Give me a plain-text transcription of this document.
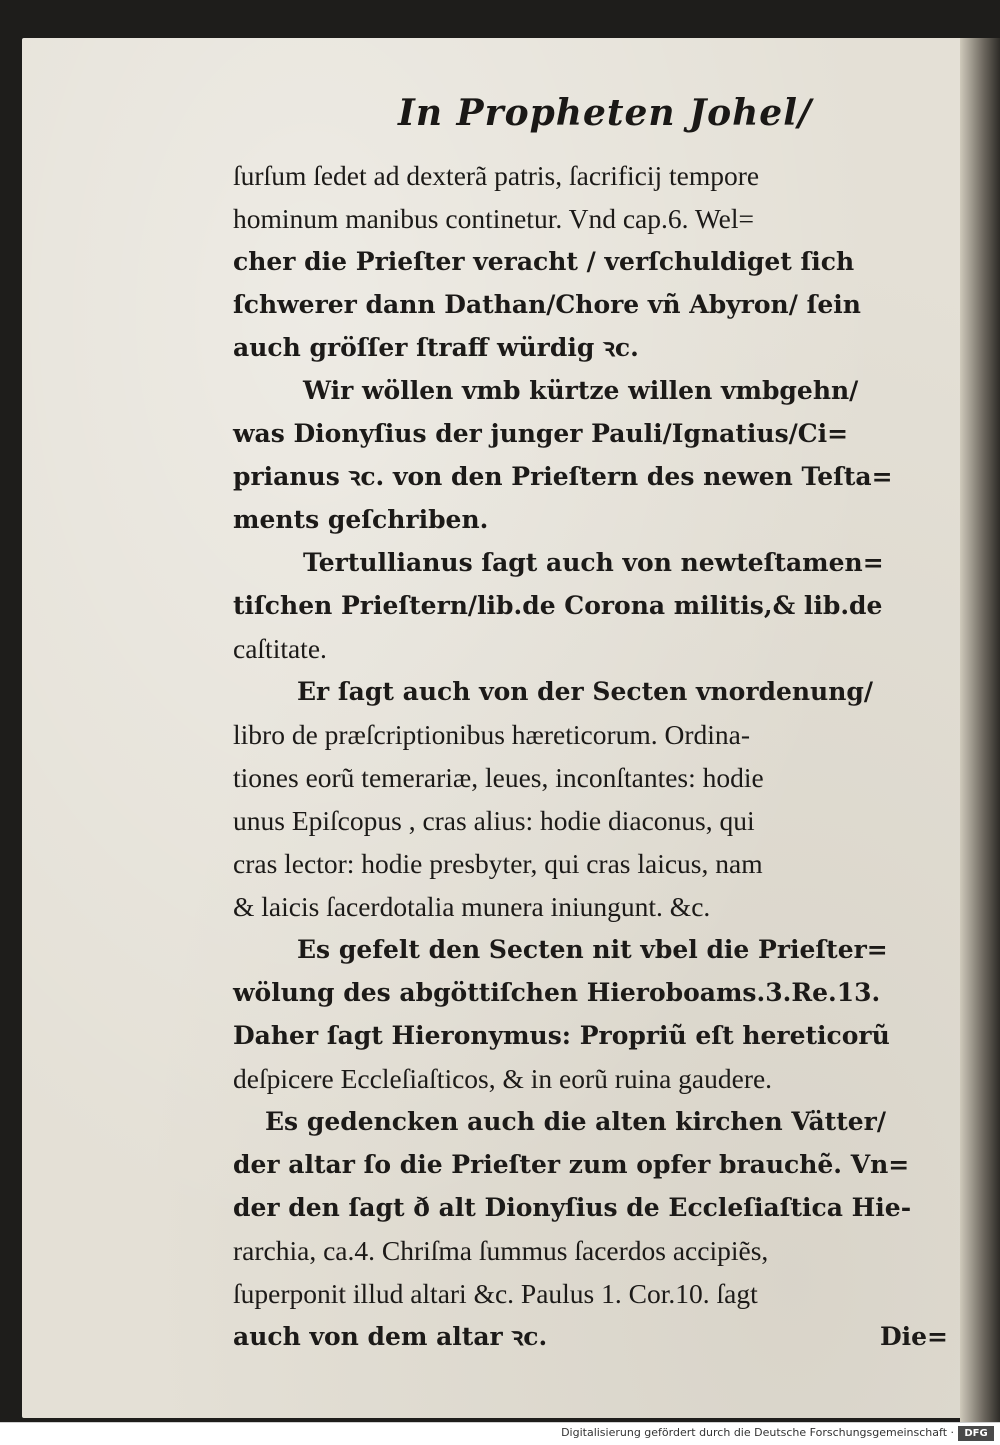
In Propheten Johel/
ſurſum ſedet ad dexterã patris, ſacrificij tempore
hominum manibus continetur. Vnd cap.6. Wel=
cher die Prieſter veracht / verſchuldiget ſich
ſchwerer dann Dathan/Chore vñ Abyron/ ſein
auch gröſſer ſtraff würdig ꝛc.
Wir wöllen vmb kürtze willen vmbgehn/
was Dionyſius der junger Pauli/Ignatius/Ci=
prianus ꝛc. von den Prieſtern des newen Teſta=
ments geſchriben.
Tertullianus ſagt auch von newteſtamen=
tiſchen Prieſtern/lib.de Corona militis,& lib.de
caſtitate.
Er ſagt auch von der Secten vnordenung/
libro de præſcriptionibus hæreticorum. Ordina-
tiones eorũ temerariæ, leues, inconſtantes: hodie
unus Epiſcopus , cras alius: hodie diaconus, qui
cras lector: hodie presbyter, qui cras laicus, nam
& laicis ſacerdotalia munera iniungunt. &c.
Es gefelt den Secten nit vbel die Prieſter=
wölung des abgöttiſchen Hieroboams.3.Re.13.
Daher ſagt Hieronymus: Propriũ eſt hereticorũ
deſpicere Eccleſiaſticos, & in eorũ ruina gaudere.
Es gedencken auch die alten kirchen Vätter/
der altar ſo die Prieſter zum opfer brauchẽ. Vn=
der den ſagt ð alt Dionyſius de Eccleſiaſtica Hie-
rarchia, ca.4. Chriſma ſummus ſacerdos accipiẽs,
ſuperponit illud altari &c. Paulus 1. Cor.10. ſagt
auch von dem altar ꝛc.	Die=
Digitalisierung gefördert durch die Deutsche Forschungsgemeinschaft ·	DFG
